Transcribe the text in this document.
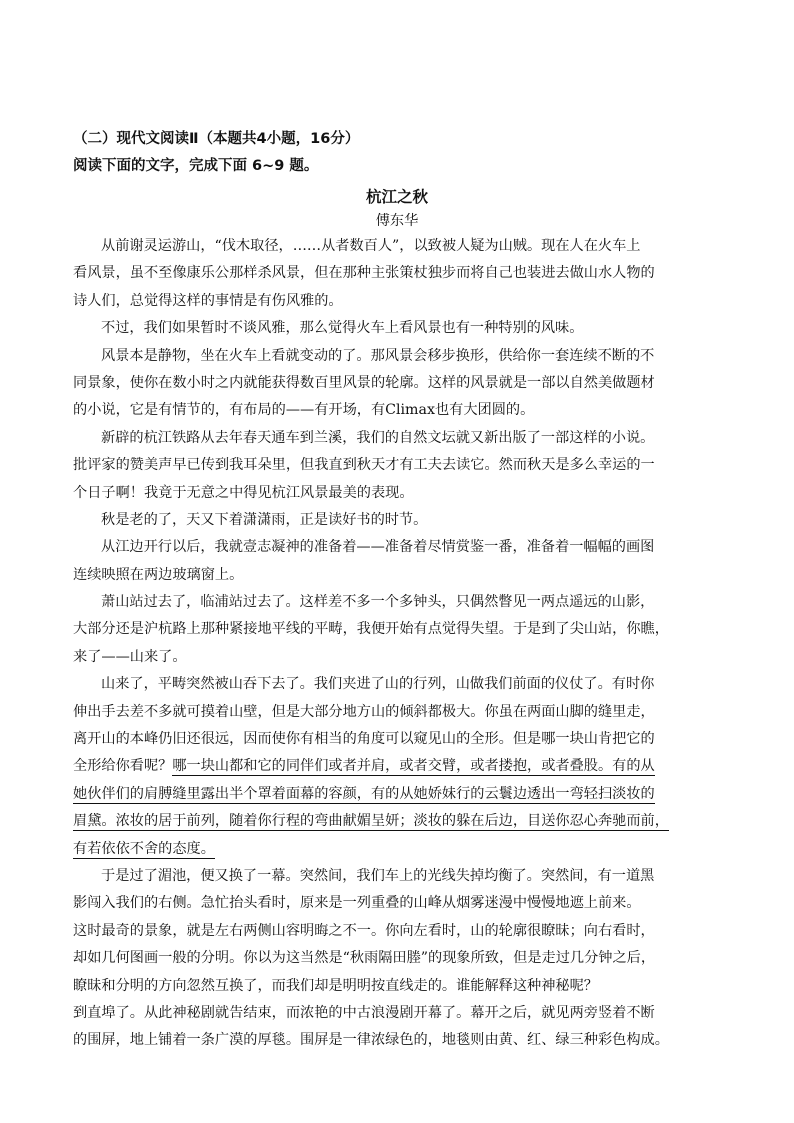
（二）现代文阅读Ⅱ（本题共4小题，16分）
阅读下面的文字，完成下面 6~9 题。
杭江之秋
傅东华
从前谢灵运游山，“伐木取径，……从者数百人”，以致被人疑为山贼。现在人在火车上
看风景，虽不至像康乐公那样杀风景，但在那种主张策杖独步而将自己也装进去做山水人物的
诗人们，总觉得这样的事情是有伤风雅的。
不过，我们如果暂时不谈风雅，那么觉得火车上看风景也有一种特别的风味。
风景本是静物，坐在火车上看就变动的了。那风景会移步换形，供给你一套连续不断的不
同景象，使你在数小时之内就能获得数百里风景的轮廓。这样的风景就是一部以自然美做题材
的小说，它是有情节的，有布局的——有开场，有Climax也有大团圆的。
新辟的杭江铁路从去年春天通车到兰溪，我们的自然文坛就又新出版了一部这样的小说。
批评家的赞美声早已传到我耳朵里，但我直到秋天才有工夫去读它。然而秋天是多么幸运的一
个日子啊！我竟于无意之中得见杭江风景最美的表现。
秋是老的了，天又下着潇潇雨，正是读好书的时节。
从江边开行以后，我就壹志凝神的准备着——准备着尽情赏鉴一番，准备着一幅幅的画图
连续映照在两边玻璃窗上。
萧山站过去了，临浦站过去了。这样差不多一个多钟头，只偶然瞥见一两点遥远的山影，
大部分还是沪杭路上那种紧接地平线的平畴，我便开始有点觉得失望。于是到了尖山站，你瞧，
来了——山来了。
山来了，平畴突然被山吞下去了。我们夹进了山的行列，山做我们前面的仪仗了。有时你
伸出手去差不多就可摸着山壁，但是大部分地方山的倾斜都极大。你虽在两面山脚的缝里走，
离开山的本峰仍旧还很远，因而使你有相当的角度可以窥见山的全形。但是哪一块山肯把它的
全形给你看呢？哪一块山都和它的同伴们或者并肩，或者交臂，或者搂抱，或者叠股。有的从
她伙伴们的肩膊缝里露出半个罩着面幕的容颜，有的从她娇妹行的云鬟边透出一弯轻扫淡妆的
眉黛。浓妆的居于前列，随着你行程的弯曲献媚呈妍；淡妆的躲在后边，目送你忍心奔驰而前，
有若依依不舍的态度。
于是过了湄池，便又换了一幕。突然间，我们车上的光线失掉均衡了。突然间，有一道黑
影闯入我们的右侧。急忙抬头看时，原来是一列重叠的山峰从烟雾迷漫中慢慢地遮上前来。
这时最奇的景象，就是左右两侧山容明晦之不一。你向左看时，山的轮廓很瞭昧；向右看时，
却如几何图画一般的分明。你以为这当然是“秋雨隔田塍”的现象所致，但是走过几分钟之后，
瞭昧和分明的方向忽然互换了，而我们却是明明按直线走的。谁能解释这种神秘呢？
到直埠了。从此神秘剧就告结束，而浓艳的中古浪漫剧开幕了。幕开之后，就见两旁竖着不断
的围屏，地上铺着一条广漠的厚毯。围屏是一律浓绿色的，地毯则由黄、红、绿三种彩色构成。
